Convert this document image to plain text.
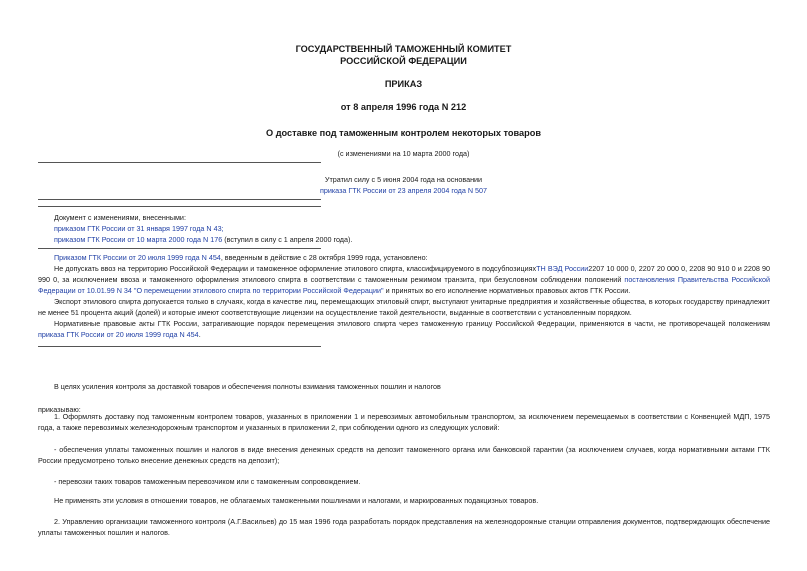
ГОСУДАРСТВЕННЫЙ ТАМОЖЕННЫЙ КОМИТЕТ
РОССИЙСКОЙ ФЕДЕРАЦИИ
ПРИКАЗ
от 8 апреля 1996 года N 212
О доставке под таможенным контролем некоторых товаров
(с изменениями на 10 марта 2000 года)
Утратил силу с 5 июня 2004 года на основании
приказа ГТК России от 23 апреля 2004 года N 507
Документ с изменениями, внесенными:
приказом ГТК России от 31 января 1997 года N 43;
приказом ГТК России от 10 марта 2000 года N 176 (вступил в силу с 1 апреля 2000 года).
Приказом ГТК России от 20 июля 1999 года N 454, введенным в действие с 28 октября 1999 года, установлено:
Не допускать ввоз на территорию Российской Федерации и таможенное оформление этилового спирта, классифицируемого в подсубпозицияхТН ВЭД России2207 10 000 0, 2207 20 000 0, 2208 90 910 0 и 2208 90 990 0, за исключением ввоза и таможенного оформления этилового спирта в соответствии с таможенным режимом транзита, при безусловном соблюдении положений постановления Правительства Российской Федерации от 10.01.99 N 34 "О перемещении этилового спирта по территории Российской Федерации" и принятых во его исполнение нормативных правовых актов ГТК России.
Экспорт этилового спирта допускается только в случаях, когда в качестве лиц, перемещающих этиловый спирт, выступают унитарные предприятия и хозяйственные общества, в которых государству принадлежит не менее 51 процента акций (долей) и которые имеют соответствующие лицензии на осуществление такой деятельности, выданные в соответствии с установленным порядком.
Нормативные правовые акты ГТК России, затрагивающие порядок перемещения этилового спирта через таможенную границу Российской Федерации, применяются в части, не противоречащей положениям приказа ГТК России от 20 июля 1999 года N 454.
В целях усиления контроля за доставкой товаров и обеспечения полноты взимания таможенных пошлин и налогов
приказываю:
1. Оформлять доставку под таможенным контролем товаров, указанных в приложении 1 и перевозимых автомобильным транспортом, за исключением перемещаемых в соответствии с Конвенцией МДП, 1975 года, а также перевозимых железнодорожным транспортом и указанных в приложении 2, при соблюдении одного из следующих условий:
- обеспечения уплаты таможенных пошлин и налогов в виде внесения денежных средств на депозит таможенного органа или банковской гарантии (за исключением случаев, когда нормативными актами ГТК России предусмотрено только внесение денежных средств на депозит);
- перевозки таких товаров таможенным перевозчиком или с таможенным сопровождением.
Не применять эти условия в отношении товаров, не облагаемых таможенными пошлинами и налогами, и маркированных подакцизных товаров.
2. Управлению организации таможенного контроля (А.Г.Васильев) до 15 мая 1996 года разработать порядок представления на железнодорожные станции отправления документов, подтверждающих обеспечение уплаты таможенных пошлин и налогов.
